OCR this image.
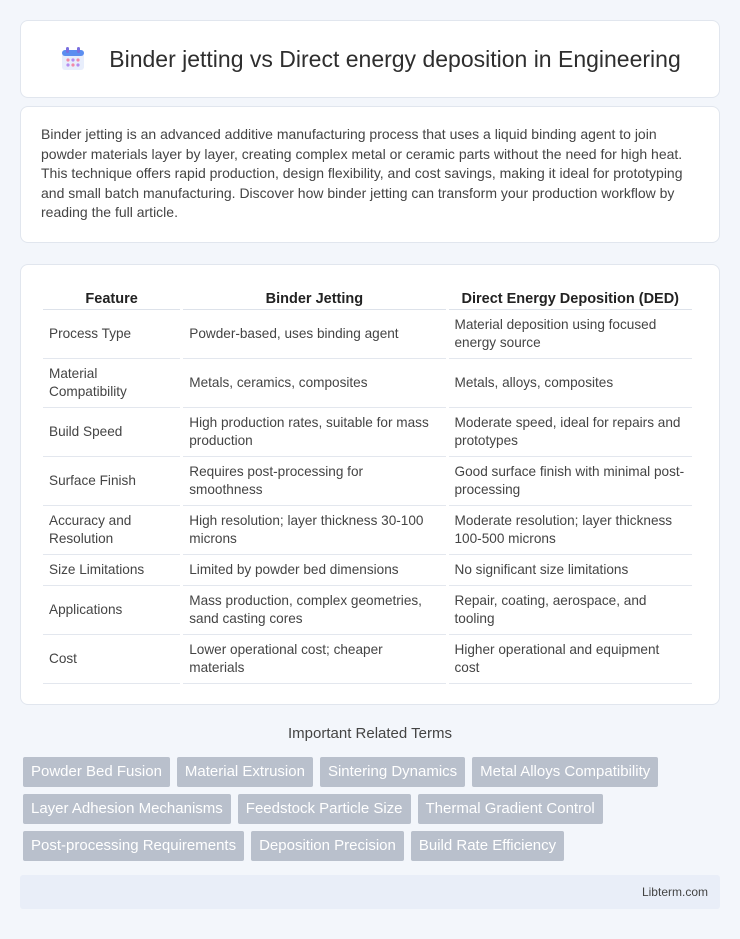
Binder jetting vs Direct energy deposition in Engineering

Binder jetting is an advanced additive manufacturing process that uses a liquid binding agent to join powder materials layer by layer, creating complex metal or ceramic parts without the need for high heat. This technique offers rapid production, design flexibility, and cost savings, making it ideal for prototyping and small batch manufacturing. Discover how binder jetting can transform your production workflow by reading the full article.

Feature	Binder Jetting	Direct Energy Deposition (DED)
Process Type	Powder-based, uses binding agent	Material deposition using focused energy source
Material Compatibility	Metals, ceramics, composites	Metals, alloys, composites
Build Speed	High production rates, suitable for mass production	Moderate speed, ideal for repairs and prototypes
Surface Finish	Requires post-processing for smoothness	Good surface finish with minimal post-processing
Accuracy and Resolution	High resolution; layer thickness 30-100 microns	Moderate resolution; layer thickness 100-500 microns
Size Limitations	Limited by powder bed dimensions	No significant size limitations
Applications	Mass production, complex geometries, sand casting cores	Repair, coating, aerospace, and tooling
Cost	Lower operational cost; cheaper materials	Higher operational and equipment cost
Important Related Terms
Powder Bed Fusion	Material Extrusion	Sintering Dynamics	Metal Alloys Compatibility
Layer Adhesion Mechanisms	Feedstock Particle Size	Thermal Gradient Control
Post-processing Requirements	Deposition Precision	Build Rate Efficiency
Libterm.com
